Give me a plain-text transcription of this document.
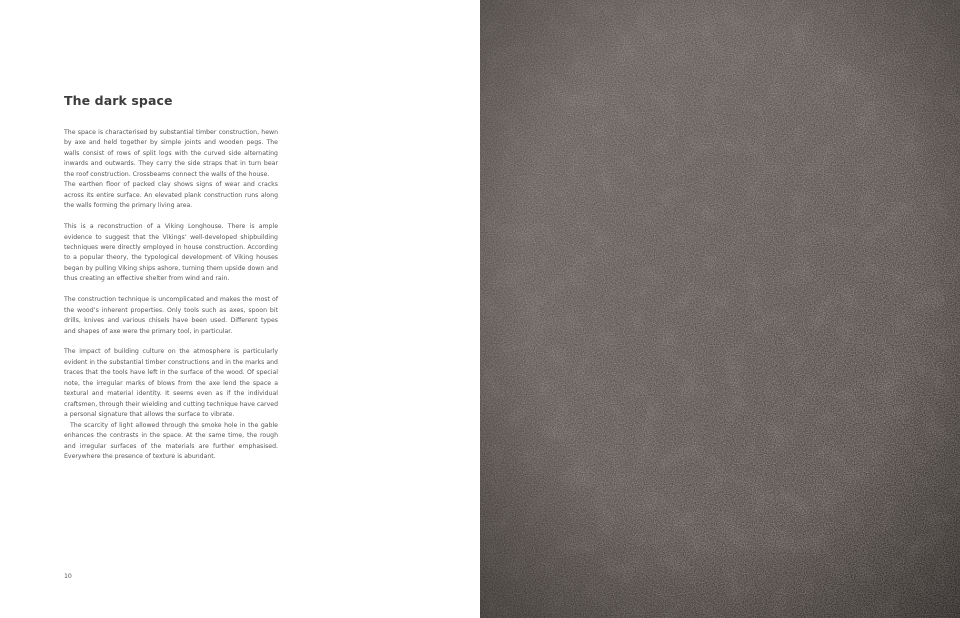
The dark space

The space is characterised by substantial timber construction, hewn by axe and held together by simple joints and wooden pegs. The walls consist of rows of split logs with the curved side alternating inwards and outwards. They carry the side straps that in turn bear the roof construction. Crossbeams connect the walls of the house.

The earthen floor of packed clay shows signs of wear and cracks across its entire surface. An elevated plank construction runs along the walls forming the primary living area.

This is a reconstruction of a Viking Longhouse. There is ample evidence to suggest that the Vikings’ well-developed shipbuilding techniques were directly employed in house construction. According to a popular theory, the typological development of Viking houses began by pulling Viking ships ashore, turning them upside down and thus creating an effective shelter from wind and rain.

The construction technique is uncomplicated and makes the most of the wood’s inherent properties. Only tools such as axes, spoon bit drills, knives and various chisels have been used. Different types and shapes of axe were the primary tool, in particular.

The impact of building culture on the atmosphere is particularly evident in the substantial timber constructions and in the marks and traces that the tools have left in the surface of the wood. Of special note, the irregular marks of blows from the axe lend the space a textural and material identity. It seems even as if the individual craftsmen, through their wielding and cutting technique have carved a personal signature that allows the surface to vibrate.

The scarcity of light allowed through the smoke hole in the gable enhances the contrasts in the space. At the same time, the rough and irregular surfaces of the materials are further emphasised. Everywhere the presence of texture is abundant.

10
